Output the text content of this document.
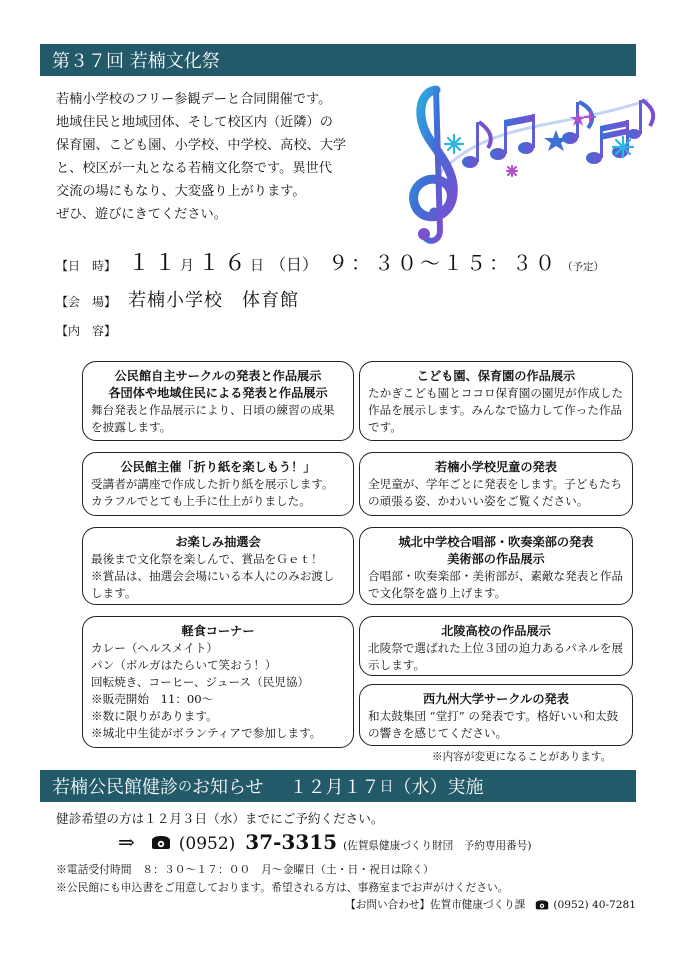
第３７回 若楠文化祭

若楠小学校のフリー参観デーと合同開催です。

地域住民と地域団体、そして校区内（近隣）の

保育園、こども園、小学校、中学校、高校、大学

と、校区が一丸となる若楠文化祭です。異世代

交流の場にもなり、大変盛り上がります。

ぜひ、遊びにきてください。

【日　時】 １１ 月 １６ 日 （日） ９：３０〜１５：３０ （予定）
【会　場】 若楠小学校　体育館
【内　容】
公民館自主サークルの発表と作品展示
各団体や地域住民による発表と作品展示
舞台発表と作品展示により、日頃の練習の成果を披露します。
公民館主催「折り紙を楽しもう！」
受講者が講座で作成した折り紙を展示します。カラフルでとても上手に仕上がりました。
お楽しみ抽選会
最後まで文化祭を楽しんで、賞品をＧｅｔ！
※賞品は、抽選会会場にいる本人にのみお渡しします。
軽食コーナー
カレー（ヘルスメイト）
パン（ボルガはたらいて笑おう！）
回転焼き、コーヒー、ジュース（民児協）
※販売開始　11：00〜
※数に限りがあります。
※城北中生徒がボランティアで参加します。
こども園、保育園の作品展示
たかぎこども園とココロ保育園の園児が作成した作品を展示します。みんなで協力して作った作品です。
若楠小学校児童の発表
全児童が、学年ごとに発表をします。子どもたちの頑張る姿、かわいい姿をご覧ください。
城北中学校合唱部・吹奏楽部の発表
美術部の作品展示
合唱部・吹奏楽部・美術部が、素敵な発表と作品で文化祭を盛り上げます。
北陵高校の作品展示
北陵祭で選ばれた上位３団の迫力あるパネルを展示します。
西九州大学サークルの発表
和太鼓集団 “堂打” の発表です。格好いい和太鼓の響きを感じてください。
※内容が変更になることがあります。
若楠公民館健診 の お知らせ １２月１７ 日 （水） 実施
健診希望の方は１２月３日（水）までにご予約ください。
⇒	(0952) 37-3315 (佐賀県健康づくり財団　予約専用番号)
※電話受付時間　８：３０〜１７：００　月〜金曜日（土・日・祝日は除く）
※公民館にも申込書をご用意しております。希望される方は、事務室までお声がけください。
【お問い合わせ】佐賀市健康づくり課	(0952) 40-7281
